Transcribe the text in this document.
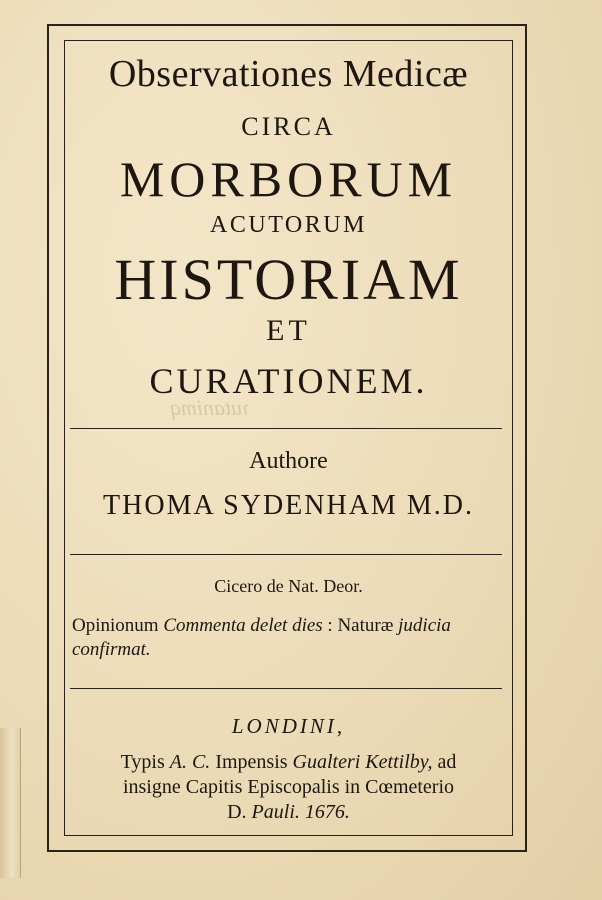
ɿutanimq
Observationes Medicæ
CIRCA
MORBORUM
ACUTORUM
HISTORIAM
ET
CURATIONEM.
Authore
THOMA SYDENHAM M.D.
Cicero de Nat. Deor.
Opinionum Commenta delet dies : Naturæ judicia confirmat.
LONDINI,
Typis A. C. Impensis Gualteri Kettilby, ad
insigne Capitis Episcopalis in Cœmeterio
D. Pauli. 1676.
